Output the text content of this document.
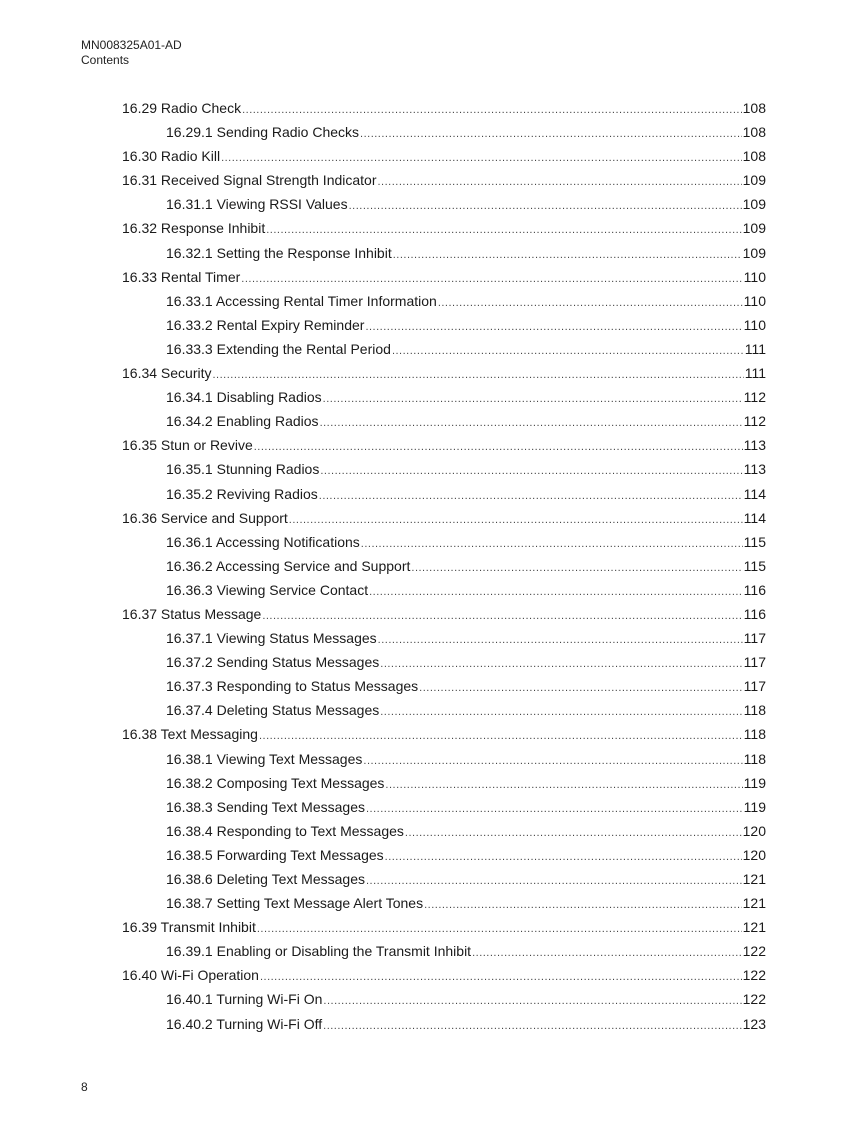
MN008325A01-AD
Contents
16.29 Radio Check .....	108
16.29.1 Sending Radio Checks .....	108
16.30 Radio Kill .....	108
16.31 Received Signal Strength Indicator .....	109
16.31.1 Viewing RSSI Values .....	109
16.32 Response Inhibit .....	109
16.32.1 Setting the Response Inhibit .....	109
16.33 Rental Timer .....	110
16.33.1 Accessing Rental Timer Information .....	110
16.33.2 Rental Expiry Reminder .....	110
16.33.3 Extending the Rental Period .....	111
16.34 Security .....	111
16.34.1 Disabling Radios .....	112
16.34.2 Enabling Radios .....	112
16.35 Stun or Revive .....	113
16.35.1 Stunning Radios .....	113
16.35.2 Reviving Radios .....	114
16.36 Service and Support .....	114
16.36.1 Accessing Notifications .....	115
16.36.2 Accessing Service and Support .....	115
16.36.3 Viewing Service Contact .....	116
16.37 Status Message .....	116
16.37.1 Viewing Status Messages .....	117
16.37.2 Sending Status Messages .....	117
16.37.3 Responding to Status Messages .....	117
16.37.4 Deleting Status Messages .....	118
16.38 Text Messaging .....	118
16.38.1 Viewing Text Messages .....	118
16.38.2 Composing Text Messages .....	119
16.38.3 Sending Text Messages .....	119
16.38.4 Responding to Text Messages .....	120
16.38.5 Forwarding Text Messages .....	120
16.38.6 Deleting Text Messages .....	121
16.38.7 Setting Text Message Alert Tones .....	121
16.39 Transmit Inhibit .....	121
16.39.1 Enabling or Disabling the Transmit Inhibit .....	122
16.40 Wi-Fi Operation .....	122
16.40.1 Turning Wi-Fi On .....	122
16.40.2 Turning Wi-Fi Off .....	123
8
